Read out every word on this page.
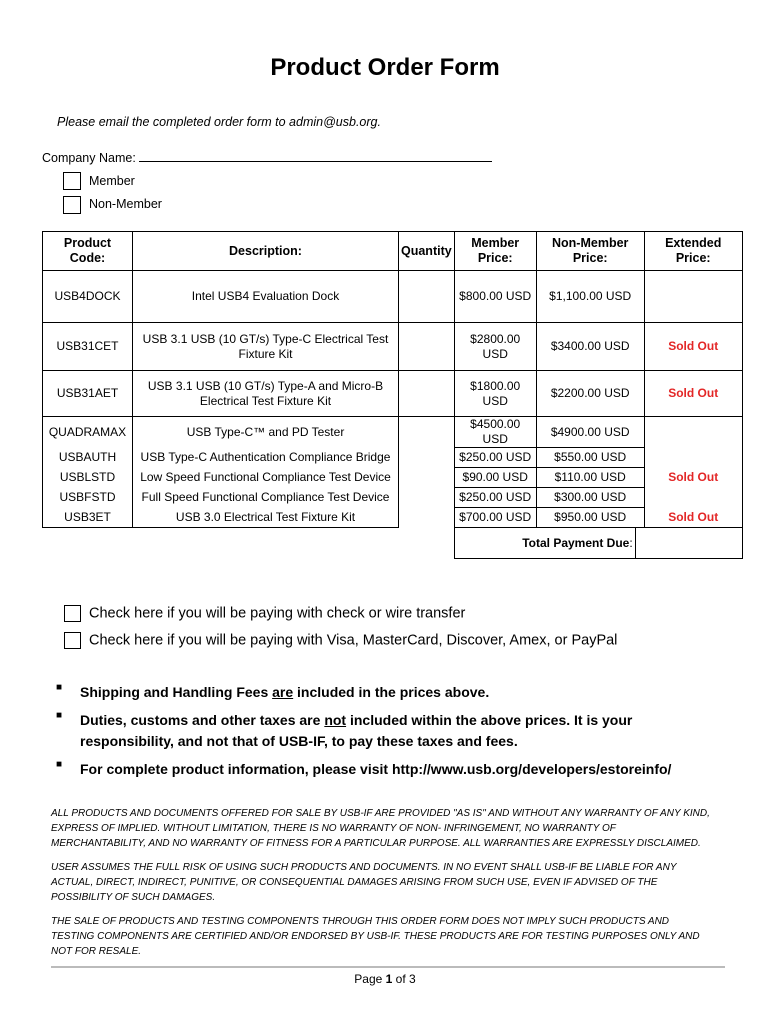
Product Order Form
Please email the completed order form to admin@usb.org.
Company Name:
Member
Non-Member
Product Code:	Description:	Quantity	Member Price:	Non-Member Price:	Extended Price:
USB4DOCK	Intel USB4 Evaluation Dock		$800.00 USD	$1,100.00 USD	
USB31CET	USB 3.1 USB (10 GT/s) Type-C Electrical Test Fixture Kit		$2800.00 USD	$3400.00 USD	Sold Out
USB31AET	USB 3.1 USB (10 GT/s) Type-A and Micro-B Electrical Test Fixture Kit		$1800.00 USD	$2200.00 USD	Sold Out
QUADRAMAX	USB Type-C™ and PD Tester		$4500.00 USD	$4900.00 USD	
USBAUTH	USB Type-C Authentication Compliance Bridge		$250.00 USD	$550.00 USD	
USBLSTD	Low Speed Functional Compliance Test Device		$90.00 USD	$110.00 USD	Sold Out
USBFSTD	Full Speed Functional Compliance Test Device		$250.00 USD	$300.00 USD	
USB3ET	USB 3.0 Electrical Test Fixture Kit		$700.00 USD	$950.00 USD	Sold Out

			Total Payment Due :		
Check here if you will be paying with check or wire transfer
Check here if you will be paying with Visa, MasterCard, Discover, Amex, or PayPal
■ Shipping and Handling Fees are included in the prices above.
■ Duties, customs and other taxes are not included within the above prices. It is your responsibility, and not that of USB-IF, to pay these taxes and fees.
■ For complete product information, please visit http://www.usb.org/developers/estoreinfo/
ALL PRODUCTS AND DOCUMENTS OFFERED FOR SALE BY USB-IF ARE PROVIDED "AS IS" AND WITHOUT ANY WARRANTY OF ANY KIND, EXPRESS OF IMPLIED. WITHOUT LIMITATION, THERE IS NO WARRANTY OF NON- INFRINGEMENT, NO WARRANTY OF MERCHANTABILITY, AND NO WARRANTY OF FITNESS FOR A PARTICULAR PURPOSE. ALL WARRANTIES ARE EXPRESSLY DISCLAIMED.
USER ASSUMES THE FULL RISK OF USING SUCH PRODUCTS AND DOCUMENTS. IN NO EVENT SHALL USB-IF BE LIABLE FOR ANY ACTUAL, DIRECT, INDIRECT, PUNITIVE, OR CONSEQUENTIAL DAMAGES ARISING FROM SUCH USE, EVEN IF ADVISED OF THE POSSIBILITY OF SUCH DAMAGES.
THE SALE OF PRODUCTS AND TESTING COMPONENTS THROUGH THIS ORDER FORM DOES NOT IMPLY SUCH PRODUCTS AND TESTING COMPONENTS ARE CERTIFIED AND/OR ENDORSED BY USB-IF. THESE PRODUCTS ARE FOR TESTING PURPOSES ONLY AND NOT FOR RESALE.
Page 1 of 3
